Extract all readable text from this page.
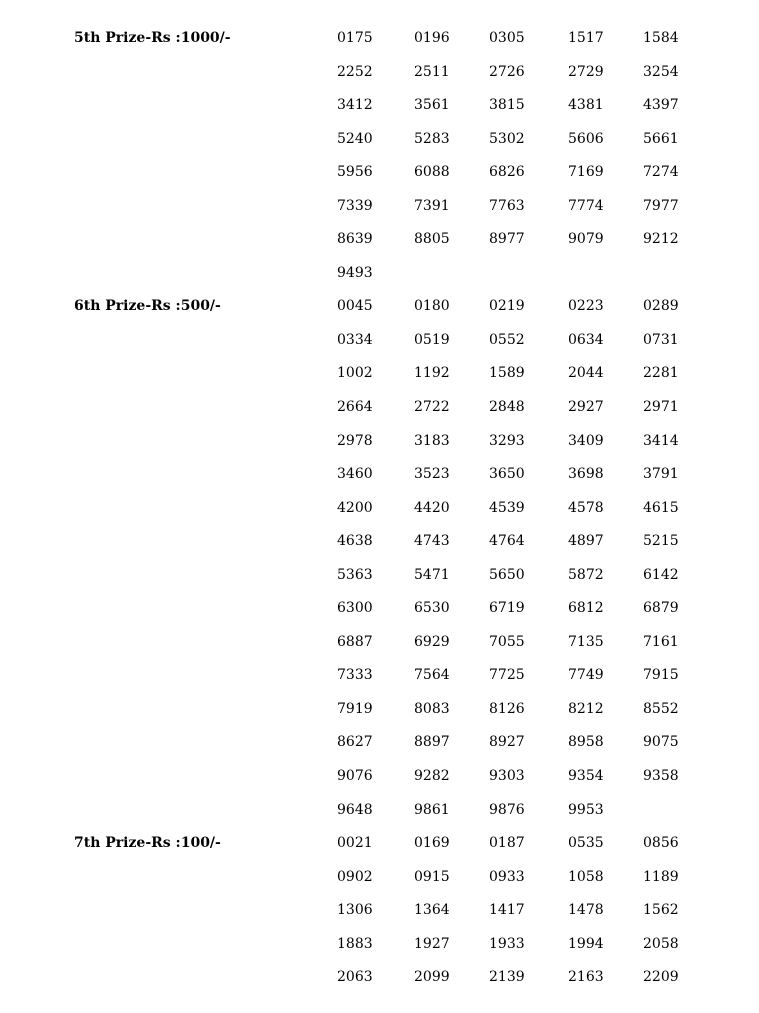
5th Prize-Rs :1000/-	0175	0196	0305	1517	1584
2252	2511	2726	2729	3254
3412	3561	3815	4381	4397
5240	5283	5302	5606	5661
5956	6088	6826	7169	7274
7339	7391	7763	7774	7977
8639	8805	8977	9079	9212
9493
6th Prize-Rs :500/-	0045	0180	0219	0223	0289
0334	0519	0552	0634	0731
1002	1192	1589	2044	2281
2664	2722	2848	2927	2971
2978	3183	3293	3409	3414
3460	3523	3650	3698	3791
4200	4420	4539	4578	4615
4638	4743	4764	4897	5215
5363	5471	5650	5872	6142
6300	6530	6719	6812	6879
6887	6929	7055	7135	7161
7333	7564	7725	7749	7915
7919	8083	8126	8212	8552
8627	8897	8927	8958	9075
9076	9282	9303	9354	9358
9648	9861	9876	9953
7th Prize-Rs :100/-	0021	0169	0187	0535	0856
0902	0915	0933	1058	1189
1306	1364	1417	1478	1562
1883	1927	1933	1994	2058
2063	2099	2139	2163	2209
